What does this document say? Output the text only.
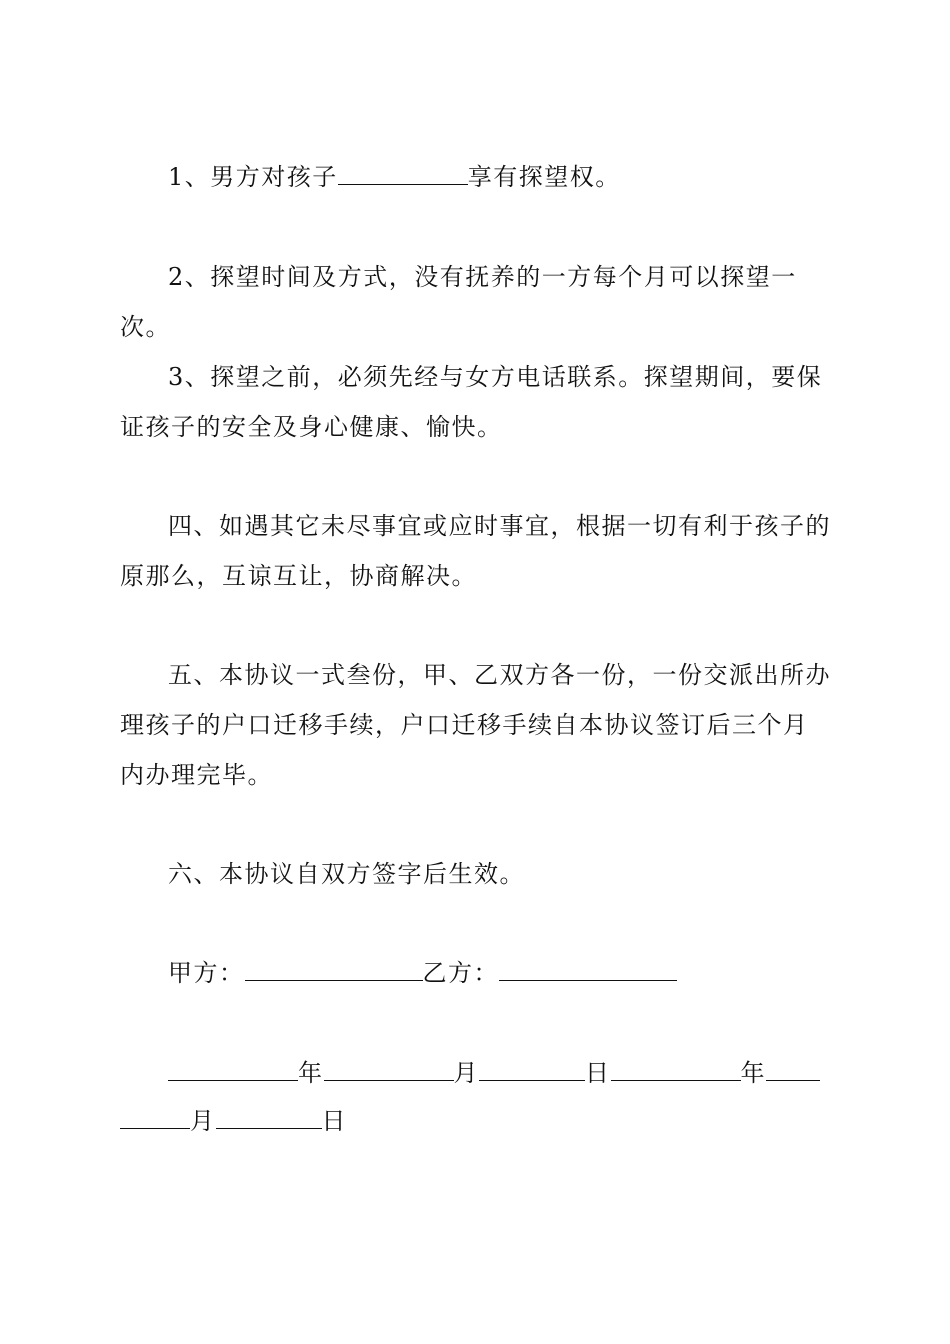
1、男方对孩子	享有探望权。

2、探望时间及方式，没有抚养的一方每个月可以探望一次。

3、探望之前，必须先经与女方电话联系。探望期间，要保证孩子的安全及身心健康、愉快。

四、如遇其它未尽事宜或应时事宜，根据一切有利于孩子的原那么，互谅互让，协商解决。

五、本协议一式叁份，甲、乙双方各一份，一份交派出所办理孩子的户口迁移手续，户口迁移手续自本协议签订后三个月内办理完毕。

六、本协议自双方签字后生效。

甲方：	乙方：
年	月	日	年
月	日
